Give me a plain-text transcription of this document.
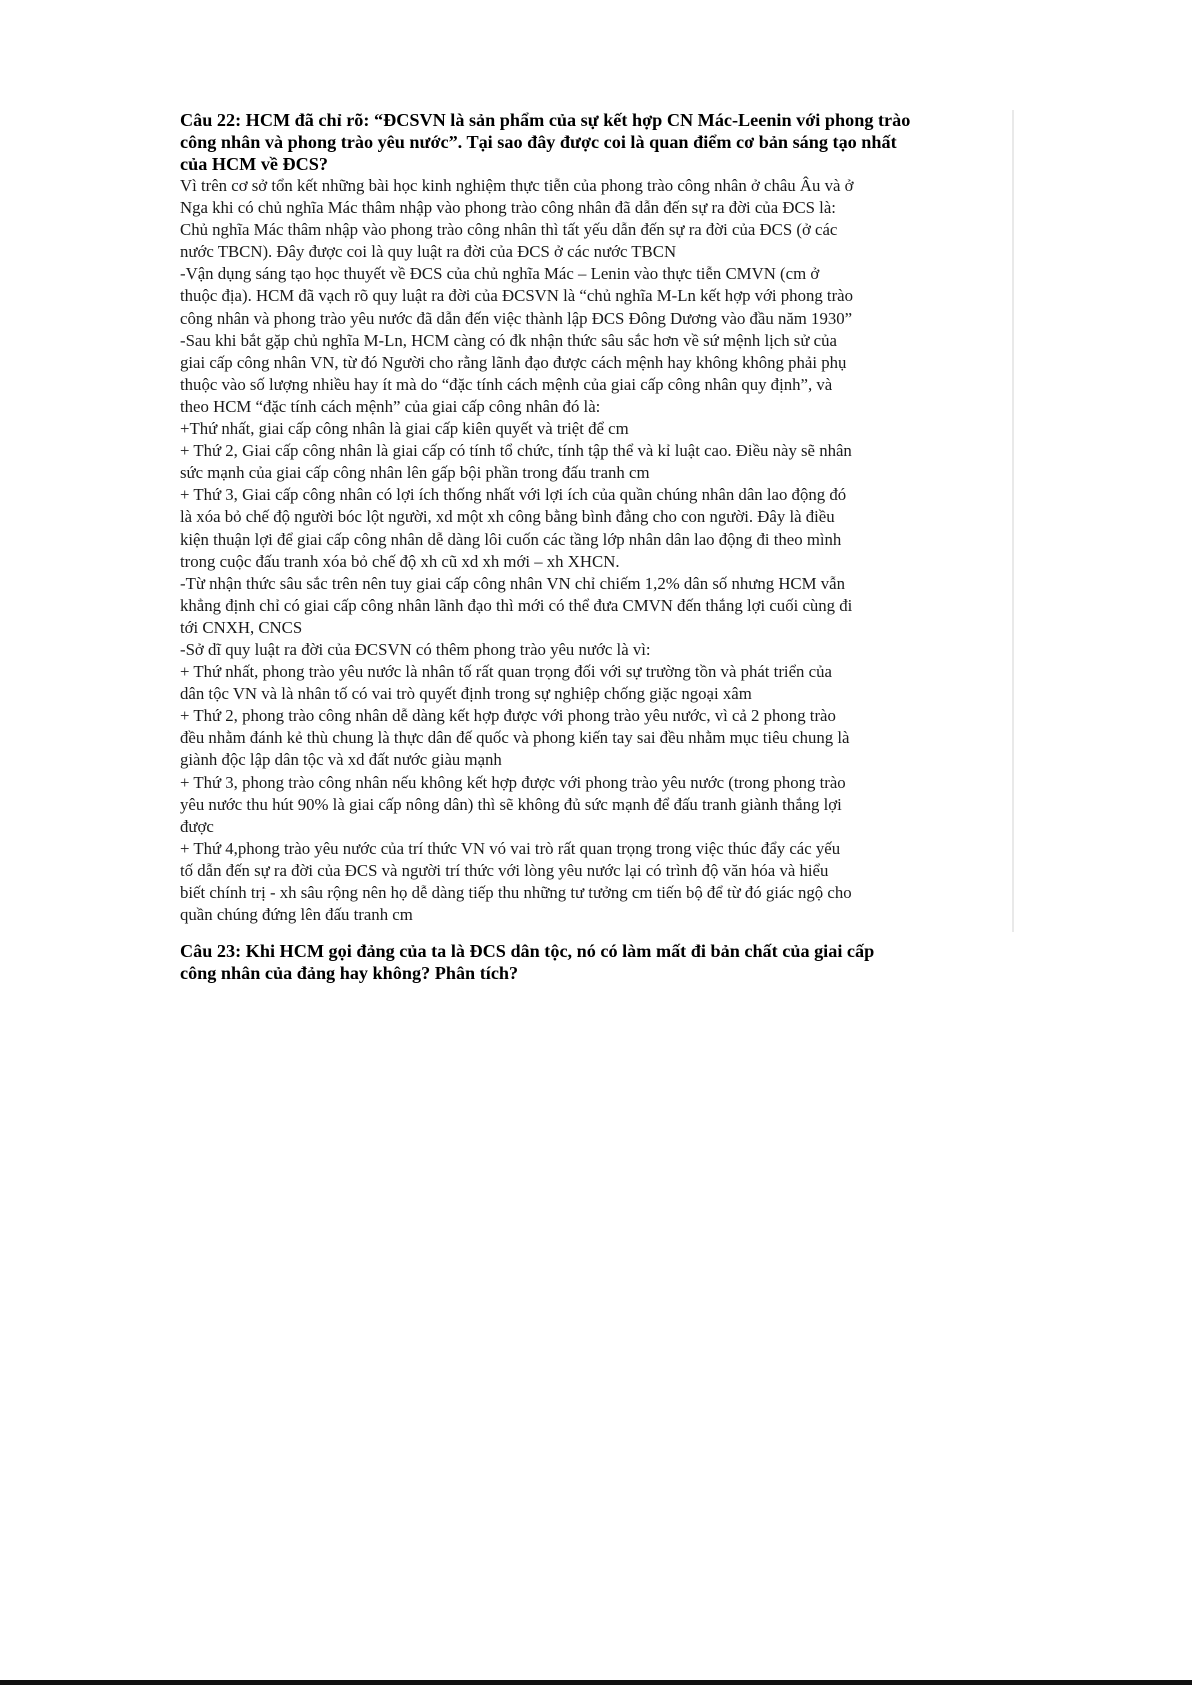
Câu 22: HCM đã chỉ rõ: “ĐCSVN là sản phẩm của sự kết hợp CN Mác-Leenin với phong trào
công nhân và phong trào yêu nước”. Tại sao đây được coi là quan điểm cơ bản sáng tạo nhất
của HCM về ĐCS?
Vì trên cơ sở tổn kết những bài học kinh nghiệm thực tiễn của phong trào công nhân ở châu Âu và ở
Nga khi có chủ nghĩa Mác thâm nhập vào phong trào công nhân đã dẫn đến sự ra đời của ĐCS là:
Chủ nghĩa Mác thâm nhập vào phong trào công nhân thì tất yếu dẫn đến sự ra đời của ĐCS (ở các
nước TBCN). Đây được coi là quy luật ra đời của ĐCS ở các nước TBCN
-Vận dụng sáng tạo học thuyết về ĐCS của chủ nghĩa Mác – Lenin vào thực tiễn CMVN (cm ở
thuộc địa). HCM đã vạch rõ quy luật ra đời của ĐCSVN là “chủ nghĩa M-Ln kết hợp với phong trào
công nhân và phong trào yêu nước đã dẫn đến việc thành lập ĐCS Đông Dương vào đầu năm 1930”
-Sau khi bắt gặp chủ nghĩa M-Ln, HCM càng có đk nhận thức sâu sắc hơn về sứ mệnh lịch sử của
giai cấp công nhân VN, từ đó Người cho rằng lãnh đạo được cách mệnh hay không không phải phụ
thuộc vào số lượng nhiều hay ít mà do “đặc tính cách mệnh của giai cấp công nhân quy định”, và
theo HCM “đặc tính cách mệnh” của giai cấp công nhân đó là:
+Thứ nhất, giai cấp công nhân là giai cấp kiên quyết và triệt để cm
+ Thứ 2, Giai cấp công nhân là giai cấp có tính tổ chức, tính tập thể và kỉ luật cao. Điều này sẽ nhân
sức mạnh của giai cấp công nhân lên gấp bội phần trong đấu tranh cm
+ Thứ 3, Giai cấp công nhân có lợi ích thống nhất với lợi ích của quần chúng nhân dân lao động đó
là xóa bỏ chế độ người bóc lột người, xd một xh công bằng bình đẳng cho con người. Đây là điều
kiện thuận lợi để giai cấp công nhân dễ dàng lôi cuốn các tầng lớp nhân dân lao động đi theo mình
trong cuộc đấu tranh xóa bỏ chế độ xh cũ xd xh mới – xh XHCN.
-Từ nhận thức sâu sắc trên nên tuy giai cấp công nhân VN chỉ chiếm 1,2% dân số nhưng HCM vẫn
khẳng định chỉ có giai cấp công nhân lãnh đạo thì mới có thể đưa CMVN đến thắng lợi cuối cùng đi
tới CNXH, CNCS
-Sở dĩ quy luật ra đời của ĐCSVN có thêm phong trào yêu nước là vì:
+ Thứ nhất, phong trào yêu nước là nhân tố rất quan trọng đối với sự trường tồn và phát triển của
dân tộc VN và là nhân tố có vai trò quyết định trong sự nghiệp chống giặc ngoại xâm
+ Thứ 2, phong trào công nhân dễ dàng kết hợp được với phong trào yêu nước, vì cả 2 phong trào
đều nhằm đánh kẻ thù chung là thực dân đế quốc và phong kiến tay sai đều nhằm mục tiêu chung là
giành độc lập dân tộc và xd đất nước giàu mạnh
+ Thứ 3, phong trào công nhân nếu không kết hợp được với phong trào yêu nước (trong phong trào
yêu nước thu hút 90% là giai cấp nông dân) thì sẽ không đủ sức mạnh để đấu tranh giành thắng lợi
được
+ Thứ 4,phong trào yêu nước của trí thức VN vó vai trò rất quan trọng trong việc thúc đẩy các yếu
tố dẫn đến sự ra đời của ĐCS và người trí thức với lòng yêu nước lại có trình độ văn hóa và hiểu
biết chính trị - xh sâu rộng nên họ dễ dàng tiếp thu những tư tưởng cm tiến bộ để từ đó giác ngộ cho
quần chúng đứng lên đấu tranh cm
Câu 23: Khi HCM gọi đảng của ta là ĐCS dân tộc, nó có làm mất đi bản chất của giai cấp
công nhân của đảng hay không? Phân tích?
